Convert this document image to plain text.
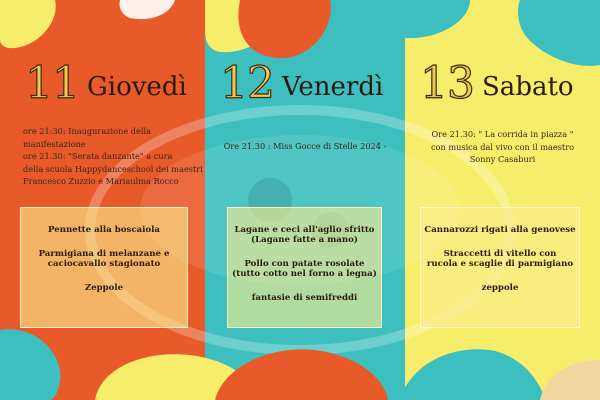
11 Giovedì
ore 21:30: Inaugurazione della manifestazione
ore 21.30: "Serata danzante" a cura
della scuola Happydanceschool dei maestri
Francesco Zuzzio e Mariaulma Rocco
Pennette alla boscaiola
Parmigiana di melanzane e
caciocavallo stagionato
Zeppole
12 Venerdì
Ore 21.30 : Miss Gocce di Stelle 2024 -
Lagane e ceci all'aglio sfritto
(Lagane fatte a mano)
Pollo con patate rosolate
(tutto cotto nel forno a legna)
fantasie di semifreddi
13 Sabato
Ore 21.30: " La corrida in piazza "
con musica dal vivo con il maestro
Sonny Casaburi
Cannarozzi rigati alla genovese
Straccetti di vitello con
rucola e scaglie di parmigiano
zeppole
